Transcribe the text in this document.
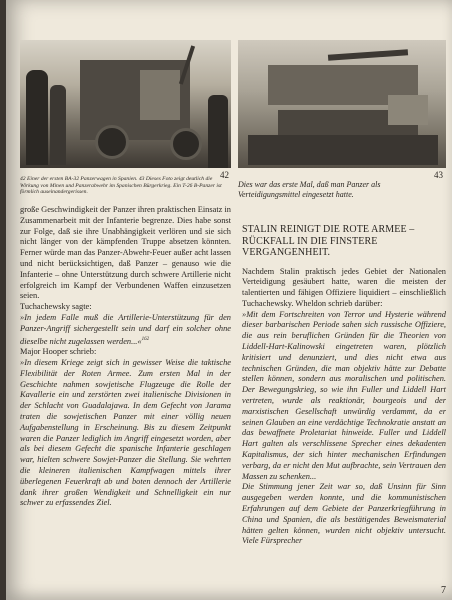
42
42 Einer der ersten BA-32 Panzerwagen in Spanien. 43 Dieses Foto zeigt deutlich die Wirkung von Minen und Panzerabwehr im Spanischen Bürgerkrieg. Ein T-26 B-Panzer ist förmlich auseinandergerissen.
43
Dies war das erste Mal, daß man Panzer als Verteidigungsmittel eingesetzt hatte.

große Geschwindigkeit der Panzer ihren praktischen Einsatz in Zusammenarbeit mit der Infanterie begrenze. Dies habe sonst zur Folge, daß sie ihre Unabhängigkeit verlören und sie sich nicht länger von der kämpfenden Truppe absetzen könnten. Ferner würde man das Panzer-Abwehr-Feuer außer acht lassen und nicht berücksichtigen, daß Panzer – genauso wie die Infanterie – ohne Unterstützung durch schwere Artillerie nicht erfolgreich im Kampf der Verbundenen Waffen einzusetzen seien.

Tuchachewsky sagte:

»In jedem Falle muß die Artillerie-Unterstützung für den Panzer-Angriff sichergestellt sein und darf ein solcher ohne dieselbe nicht zugelassen werden...«$^{162}$

Major Hooper schrieb:

»In diesem Kriege zeigt sich in gewisser Weise die taktische Flexibilität der Roten Armee. Zum ersten Mal in der Geschichte nahmen sowjetische Flugzeuge die Rolle der Kavallerie ein und zerstörten zwei italienische Divisionen in der Schlacht von Guadalajawa. In dem Gefecht von Jarama traten die sowjetischen Panzer mit einer völlig neuen Aufgabenstellung in Erscheinung. Bis zu diesem Zeitpunkt waren die Panzer lediglich im Angriff eingesetzt worden, aber als bei diesem Gefecht die spanische Infanterie geschlagen war, hielten schwere Sowjet-Panzer die Stellung. Sie wehrten die kleineren italienischen Kampfwagen mittels ihrer überlegenen Feuerkraft ab und boten dennoch der Artillerie dank ihrer großen Wendigkeit und Schnelligkeit ein nur schwer zu erfassendes Ziel.

STALIN REINIGT DIE ROTE ARMEE – RÜCKFALL IN DIE FINSTERE VERGANGENHEIT.

Nachdem Stalin praktisch jedes Gebiet der Nationalen Verteidigung gesäubert hatte, waren die meisten der talentierten und fähigen Offiziere liquidiert – einschließlich Tuchachewsky. Wheldon schrieb darüber:

»Mit dem Fortschreiten von Terror und Hysterie während dieser barbarischen Periode sahen sich russische Offiziere, die aus rein beruflichen Gründen für die Theorien von Liddell-Hart-Kalinowski eingetreten waren, plötzlich kritisiert und denunziert, und dies nicht etwa aus technischen Gründen, die man objektiv hätte zur Debatte stellen können, sondern aus moralischen und politischen. Der Bewegungskrieg, so wie ihn Fuller und Liddell Hart vertreten, wurde als reaktionär, bourgeois und der marxistischen Gesellschaft unwürdig verdammt, da er seinen Glauben an eine verdächtige Technokratie anstatt an das bewaffnete Proletariat hinweide. Fuller und Liddell Hart galten als verschlissene Sprecher eines dekadenten Kapitalismus, der sich hinter mechanischen Erfindungen verbarg, da er nicht den Mut aufbrachte, sein Vertrauen den Massen zu schenken...

Die Stimmung jener Zeit war so, daß Unsinn für Sinn ausgegeben werden konnte, und die kommunistischen Erfahrungen auf dem Gebiete der Panzerkriegführung in China und Spanien, die als bestätigendes Beweismaterial hätten gelten können, wurden nicht objektiv untersucht. Viele Fürsprecher

7
